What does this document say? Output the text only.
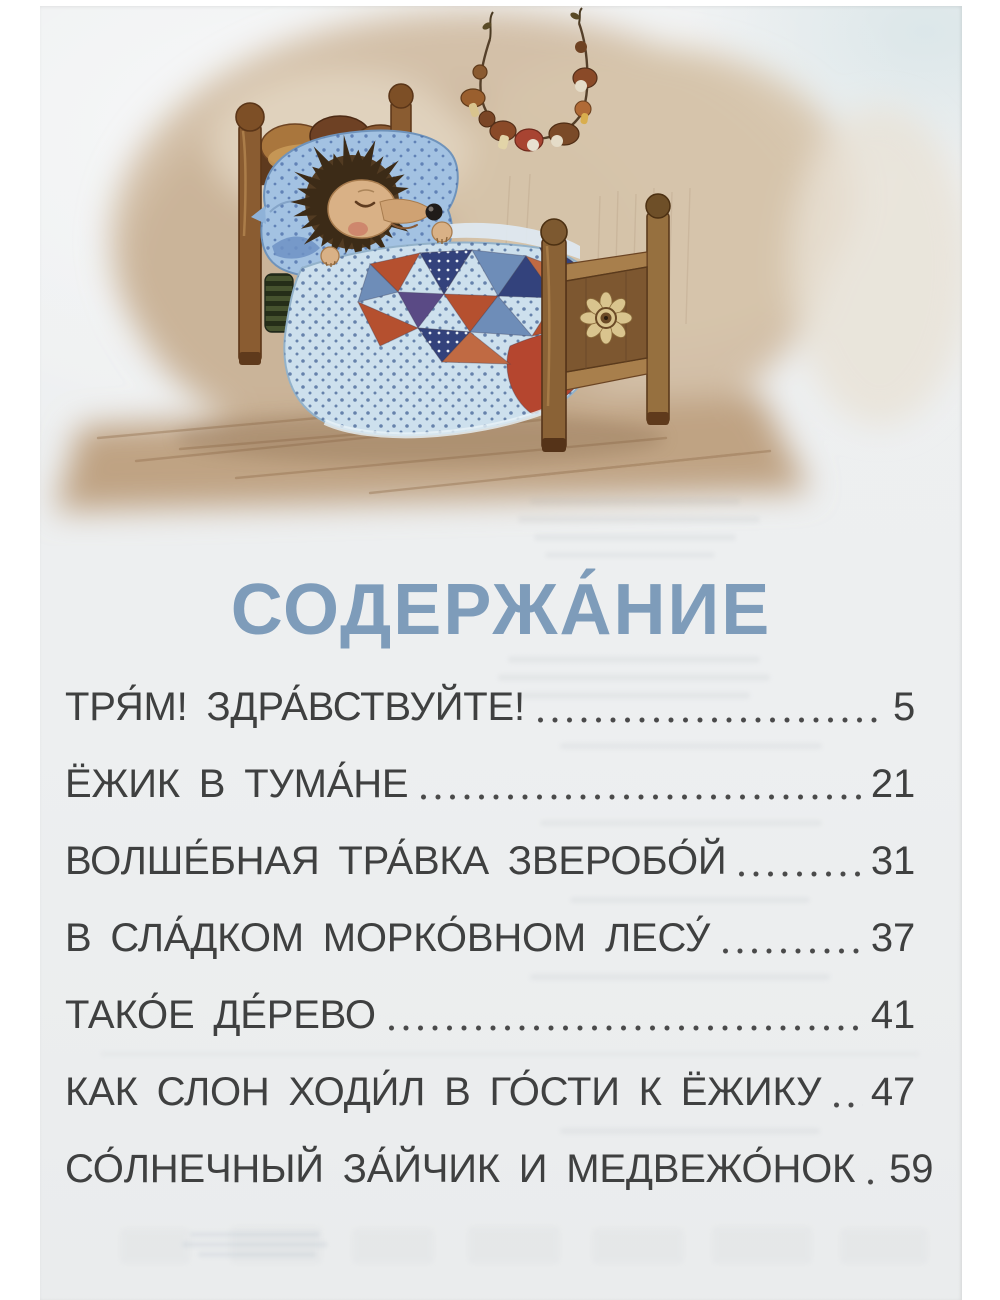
СОДЕРЖА́НИЕ
ТРЯ́М! ЗДРА́ВСТВУЙТЕ!	5
ЁЖИК В ТУМА́НЕ	21
ВОЛШЕ́БНАЯ ТРА́ВКА ЗВЕРОБО́Й	31
В СЛА́ДКОМ МОРКО́ВНОМ ЛЕСУ́	37
ТАКО́Е ДЕ́РЕВО	41
КАК СЛОН ХОДИ́Л В ГО́СТИ К ЁЖИКУ 47
СО́ЛНЕЧНЫЙ ЗА́ЙЧИК И МЕДВЕЖО́НОК 59
